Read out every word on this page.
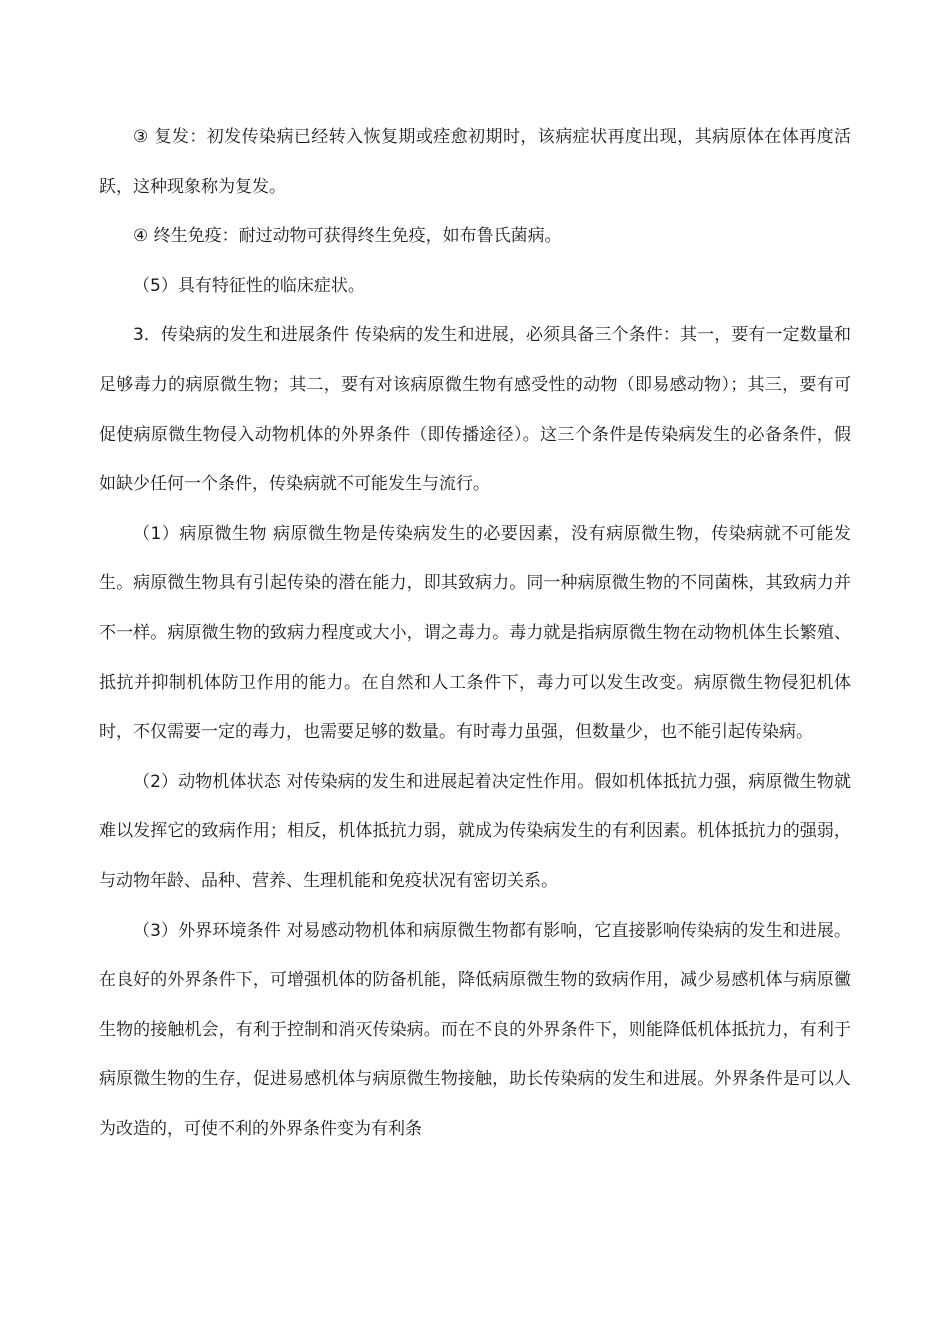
③ 复发：初发传染病已经转入恢复期或痊愈初期时，该病症状再度出现，其病原体在体再度活跃，这种现象称为复发。

④ 终生免疫：耐过动物可获得终生免疫，如布鲁氏菌病。

（5）具有特征性的临床症状。

3．传染病的发生和进展条件 传染病的发生和进展，必须具备三个条件：其一，要有一定数量和足够毒力的病原微生物；其二，要有对该病原微生物有感受性的动物（即易感动物）；其三，要有可促使病原微生物侵入动物机体的外界条件（即传播途径）。这三个条件是传染病发生的必备条件，假如缺少任何一个条件，传染病就不可能发生与流行。

（1）病原微生物 病原微生物是传染病发生的必要因素，没有病原微生物，传染病就不可能发生。病原微生物具有引起传染的潜在能力，即其致病力。同一种病原微生物的不同菌株，其致病力并不一样。病原微生物的致病力程度或大小，谓之毒力。毒力就是指病原微生物在动物机体生长繁殖、抵抗并抑制机体防卫作用的能力。在自然和人工条件下，毒力可以发生改变。病原微生物侵犯机体时，不仅需要一定的毒力，也需要足够的数量。有时毒力虽强，但数量少，也不能引起传染病。

（2）动物机体状态 对传染病的发生和进展起着决定性作用。假如机体抵抗力强，病原微生物就难以发挥它的致病作用；相反，机体抵抗力弱，就成为传染病发生的有利因素。机体抵抗力的强弱，与动物年龄、品种、营养、生理机能和免疫状况有密切关系。

（3）外界环境条件 对易感动物机体和病原微生物都有影响，它直接影响传染病的发生和进展。在良好的外界条件下，可增强机体的防备机能，降低病原微生物的致病作用，减少易感机体与病原黴生物的接触机会，有利于控制和消灭传染病。而在不良的外界条件下，则能降低机体抵抗力，有利于病原微生物的生存，促进易感机体与病原微生物接触，助长传染病的发生和进展。外界条件是可以人为改造的，可使不利的外界条件变为有利条
